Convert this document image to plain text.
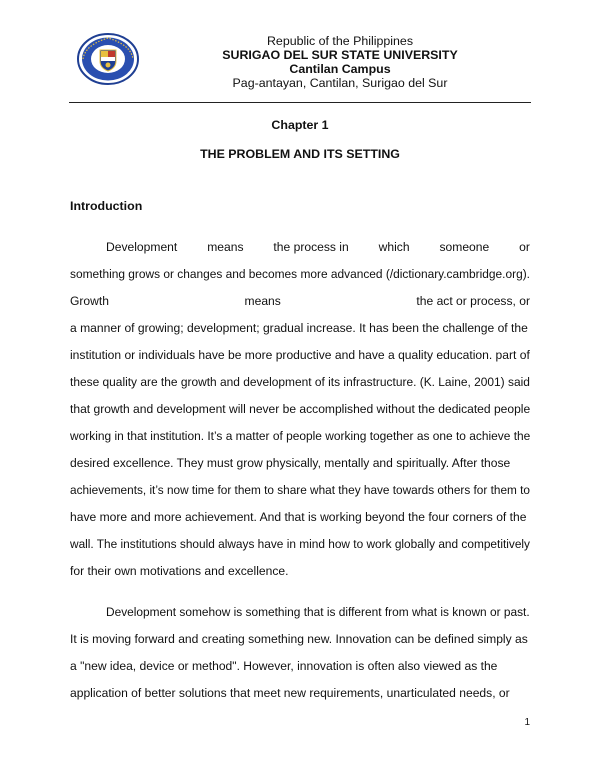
Republic of the Philippines
SURIGAO DEL SUR STATE UNIVERSITY
Cantilan Campus
Pag-antayan, Cantilan, Surigao del Sur
Chapter 1
THE PROBLEM AND ITS SETTING
Introduction
Development means the process in which someone or
something grows or changes and becomes more advanced (/dictionary.cambridge.org).
Growth	means	the act or process, or
a manner of growing; development; gradual increase. It has been the challenge of the
institution or individuals have be more productive and have a quality education. part of
these quality are the growth and development of its infrastructure. (K. Laine, 2001) said
that growth and development will never be accomplished without the dedicated people
working in that institution. It’s a matter of people working together as one to achieve the
desired excellence. They must grow physically, mentally and spiritually. After those
achievements, it’s now time for them to share what they have towards others for them to
have more and more achievement. And that is working beyond the four corners of the
wall. The institutions should always have in mind how to work globally and competitively
for their own motivations and excellence.
Development somehow is something that is different from what is known or past.
It is moving forward and creating something new. Innovation can be defined simply as
a "new idea, device or method". However, innovation is often also viewed as the
application of better solutions that meet new requirements, unarticulated needs, or
1
